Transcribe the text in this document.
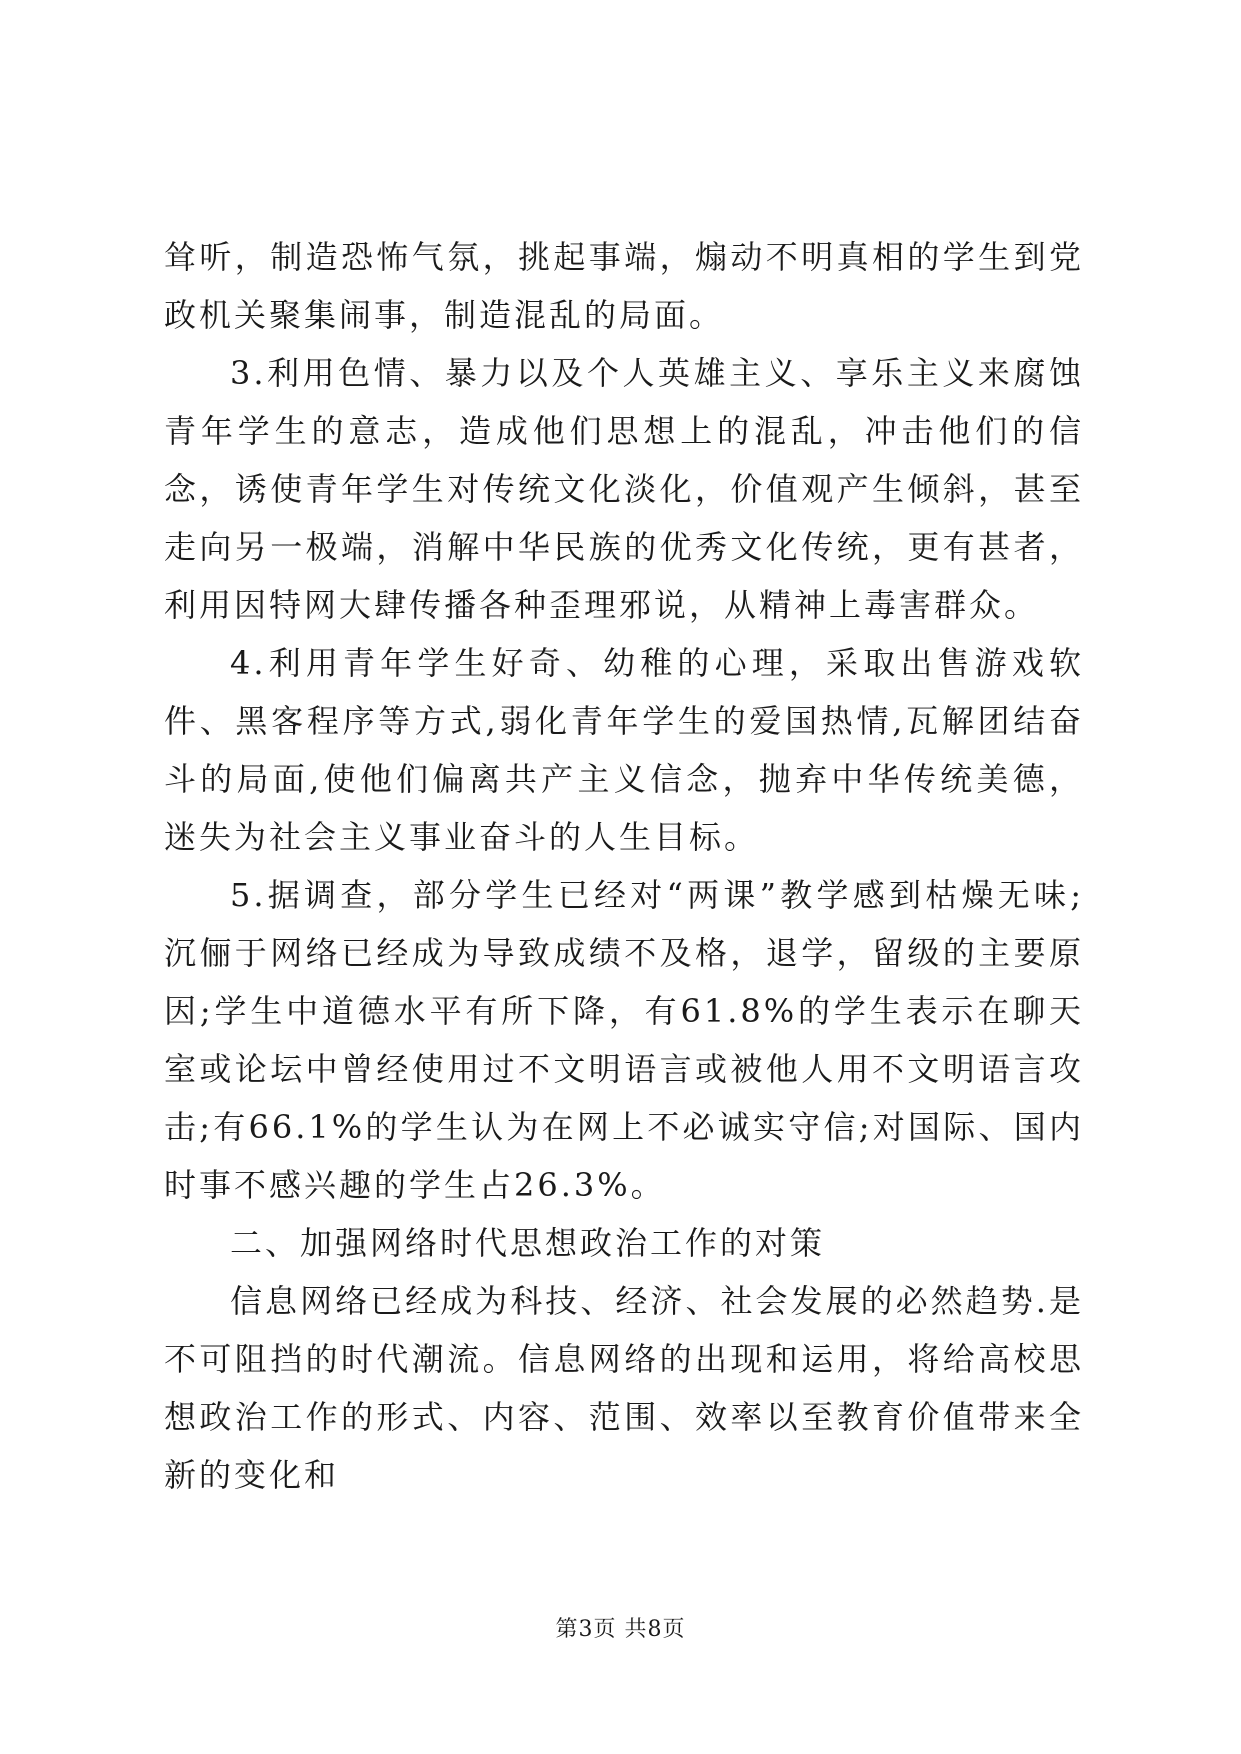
耸听，制造恐怖气氛，挑起事端，煽动不明真相的学生到党政机关聚集闹事，制造混乱的局面。

3.利用色情、暴力以及个人英雄主义、享乐主义来腐蚀青年学生的意志，造成他们思想上的混乱，冲击他们的信念，诱使青年学生对传统文化淡化，价值观产生倾斜，甚至走向另一极端，消解中华民族的优秀文化传统，更有甚者，利用因特网大肆传播各种歪理邪说，从精神上毒害群众。

4.利用青年学生好奇、幼稚的心理，采取出售游戏软件、黑客程序等方式,弱化青年学生的爱国热情,瓦解团结奋斗的局面,使他们偏离共产主义信念，抛弃中华传统美德，迷失为社会主义事业奋斗的人生目标。

5.据调查，部分学生已经对“两课”教学感到枯燥无味;沉俪于网络已经成为导致成绩不及格，退学，留级的主要原因;学生中道德水平有所下降，有61.8%的学生表示在聊天室或论坛中曾经使用过不文明语言或被他人用不文明语言攻击;有66.1%的学生认为在网上不必诚实守信;对国际、国内时事不感兴趣的学生占26.3%。

二、加强网络时代思想政治工作的对策

信息网络已经成为科技、经济、社会发展的必然趋势.是不可阻挡的时代潮流。信息网络的出现和运用，将给高校思想政治工作的形式、内容、范围、效率以至教育价值带来全新的变化和

第3页 共8页
